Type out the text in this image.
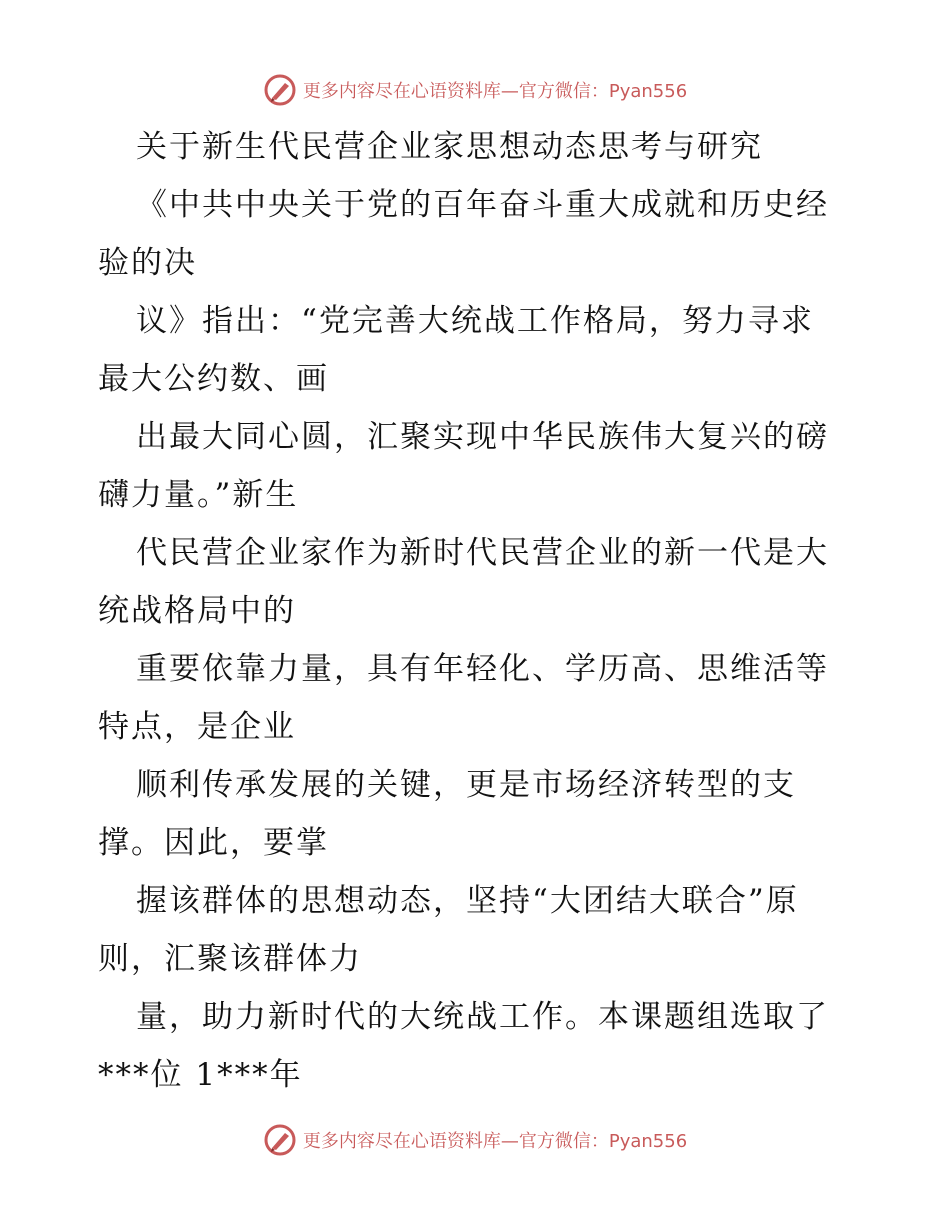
更多内容尽在心语资料库—官方微信：Pyan556
关于新生代民营企业家思想动态思考与研究
《中共中央关于党的百年奋斗重大成就和历史经
验的决
议》指出：“党完善大统战工作格局，努力寻求
最大公约数、画
出最大同心圆，汇聚实现中华民族伟大复兴的磅
礴力量。”新生
代民营企业家作为新时代民营企业的新一代是大
统战格局中的
重要依靠力量，具有年轻化、学历高、思维活等
特点，是企业
顺利传承发展的关键，更是市场经济转型的支
撑。因此，要掌
握该群体的思想动态，坚持“大团结大联合”原
则，汇聚该群体力
量，助力新时代的大统战工作。本课题组选取了
***位 1***年
更多内容尽在心语资料库—官方微信：Pyan556
